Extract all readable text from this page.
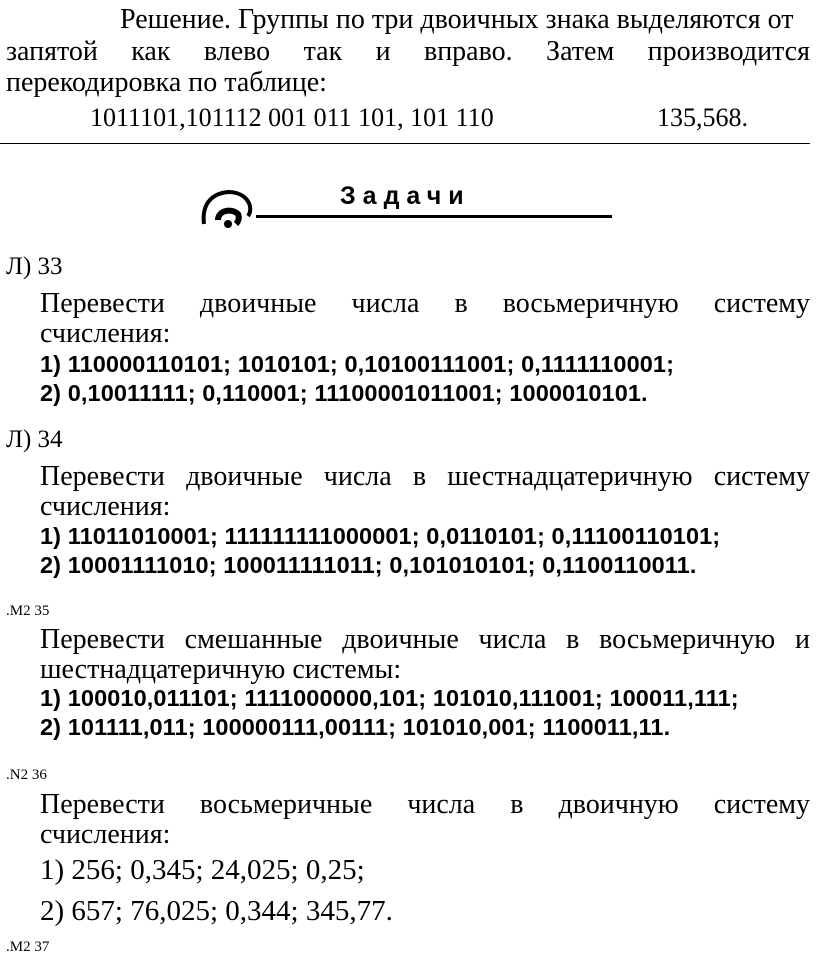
Решение. Группы по три двоичных знака выделяются от

запятой как влево так и вправо. Затем производится

перекодировка по таблице:

1011101,101112 001 011 101, 101 110	135,568.

Задачи

Л) 33

Перевести двоичные числа в восьмеричную систему

счисления:

1) 110000110101; 1010101; 0,10100111001; 0,1111110001;

2) 0,10011111; 0,110001; 11100001011001; 1000010101.

Л) 34

Перевести двоичные числа в шестнадцатеричную систему

счисления:

1) 11011010001; 111111111000001; 0,0110101; 0,11100110101;

2) 10001111010; 100011111011; 0,101010101; 0,1100110011.

.М2 35

Перевести смешанные двоичные числа в восьмеричную и

шестнадцатеричную системы:

1) 100010,011101; 1111000000,101; 101010,111001; 100011,111;

2) 101111,011; 100000111,00111; 101010,001; 1100011,11.

.N2 36

Перевести восьмеричные числа в двоичную систему

счисления:

1) 256; 0,345; 24,025; 0,25;

2) 657; 76,025; 0,344; 345,77.

.М2 37
